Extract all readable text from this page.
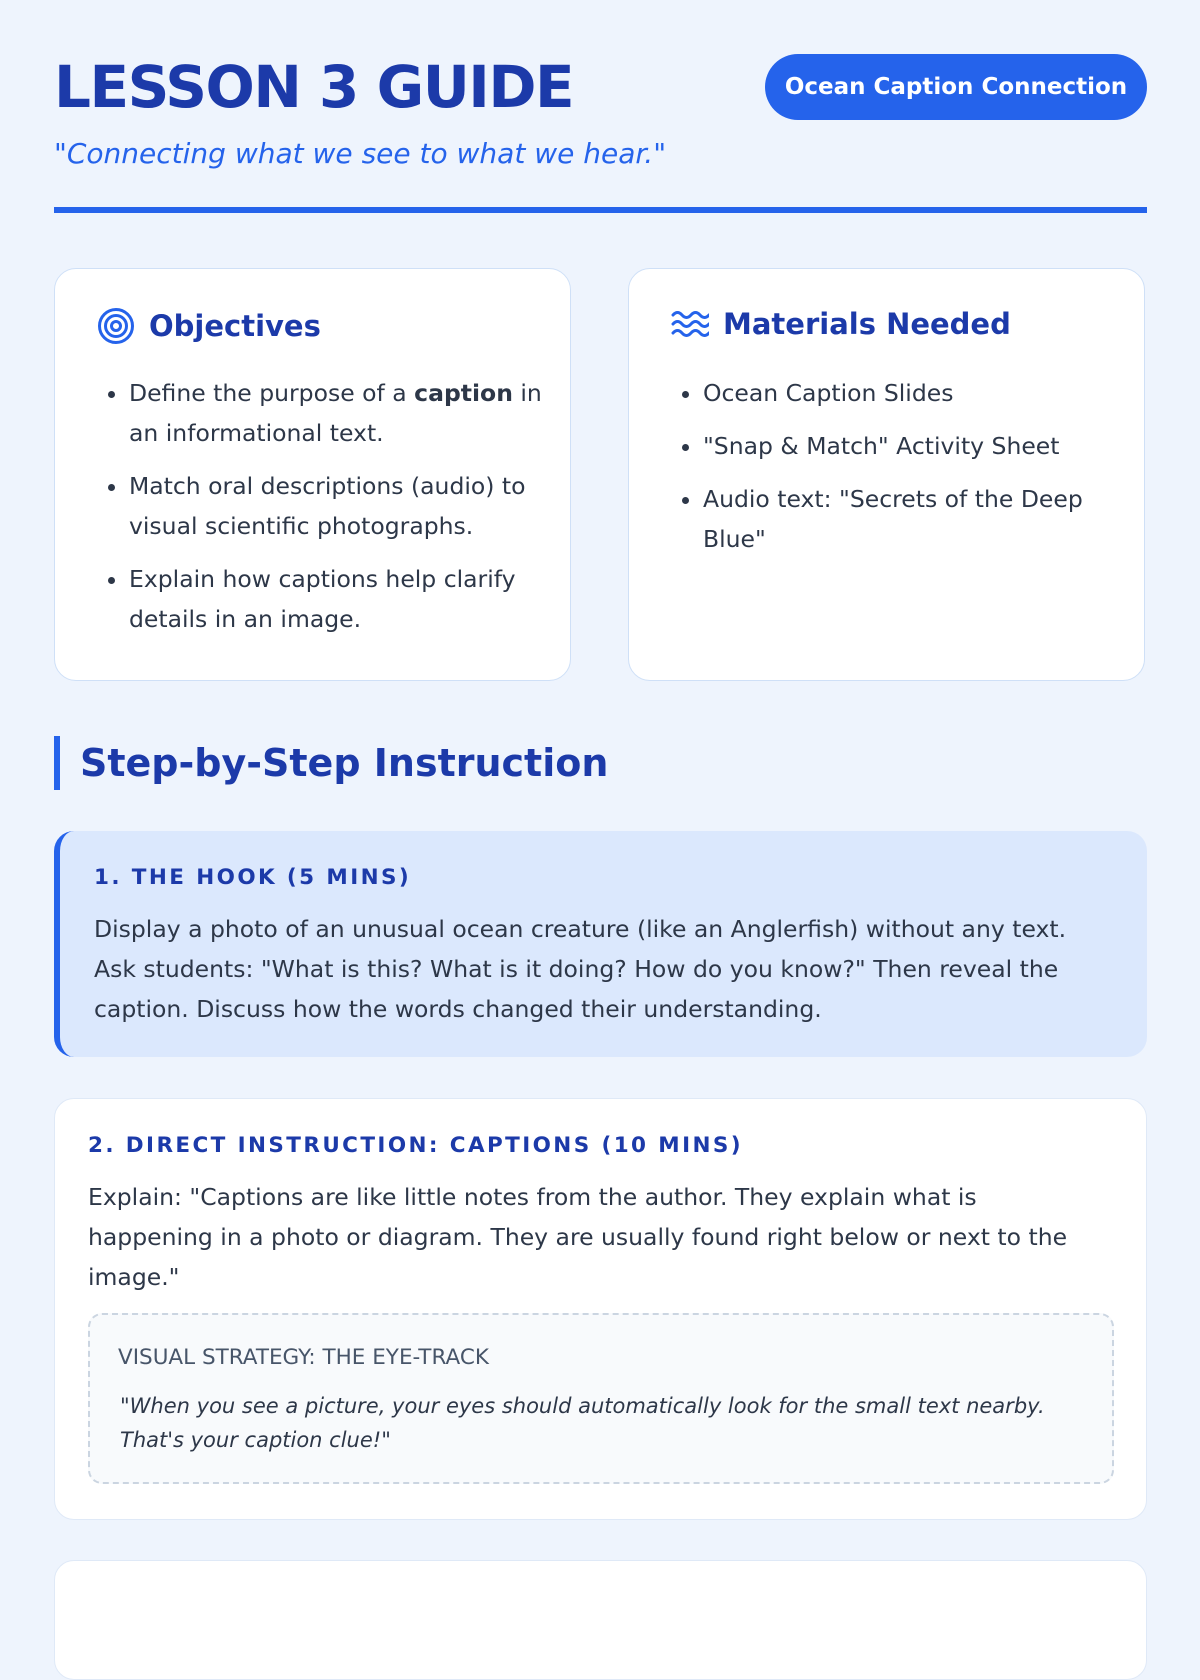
LESSON 3 GUIDE	Ocean Caption Connection

"Connecting what we see to what we hear."

Objectives
• Define the purpose of a caption in an informational text.
• Match oral descriptions (audio) to visual scientific photographs.
• Explain how captions help clarify details in an image.
Materials Needed
• Ocean Caption Slides
• "Snap & Match" Activity Sheet
• Audio text: "Secrets of the Deep Blue"
Step-by-Step Instruction

1. THE HOOK (5 MINS)

Display a photo of an unusual ocean creature (like an Anglerfish) without any text. Ask students: "What is this? What is it doing? How do you know?" Then reveal the caption. Discuss how the words changed their understanding.

2. DIRECT INSTRUCTION: CAPTIONS (10 MINS)

Explain: "Captions are like little notes from the author. They explain what is happening in a photo or diagram. They are usually found right below or next to the image."

VISUAL STRATEGY: THE EYE-TRACK

"When you see a picture, your eyes should automatically look for the small text nearby. That's your caption clue!"
